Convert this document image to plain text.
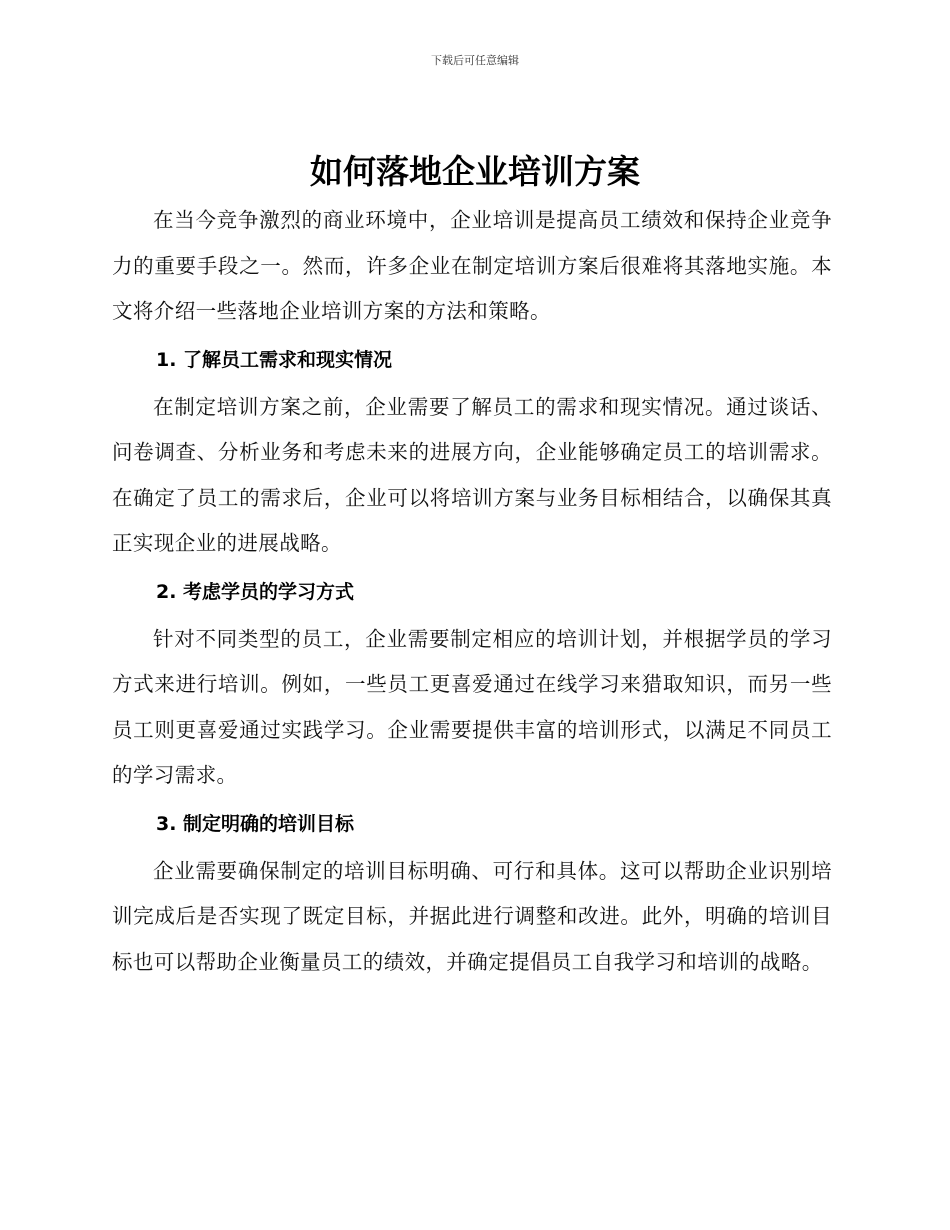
下载后可任意编辑
如何落地企业培训方案

在当今竞争激烈的商业环境中，企业培训是提高员工绩效和保持企业竞争力的重要手段之一。然而，许多企业在制定培训方案后很难将其落地实施。本文将介绍一些落地企业培训方案的方法和策略。

1. 了解员工需求和现实情况

在制定培训方案之前，企业需要了解员工的需求和现实情况。通过谈话、问卷调查、分析业务和考虑未来的进展方向，企业能够确定员工的培训需求。在确定了员工的需求后，企业可以将培训方案与业务目标相结合，以确保其真正实现企业的进展战略。

2. 考虑学员的学习方式

针对不同类型的员工，企业需要制定相应的培训计划，并根据学员的学习方式来进行培训。例如，一些员工更喜爱通过在线学习来猎取知识，而另一些员工则更喜爱通过实践学习。企业需要提供丰富的培训形式，以满足不同员工的学习需求。

3. 制定明确的培训目标

企业需要确保制定的培训目标明确、可行和具体。这可以帮助企业识别培训完成后是否实现了既定目标，并据此进行调整和改进。此外，明确的培训目标也可以帮助企业衡量员工的绩效，并确定提倡员工自我学习和培训的战略。
